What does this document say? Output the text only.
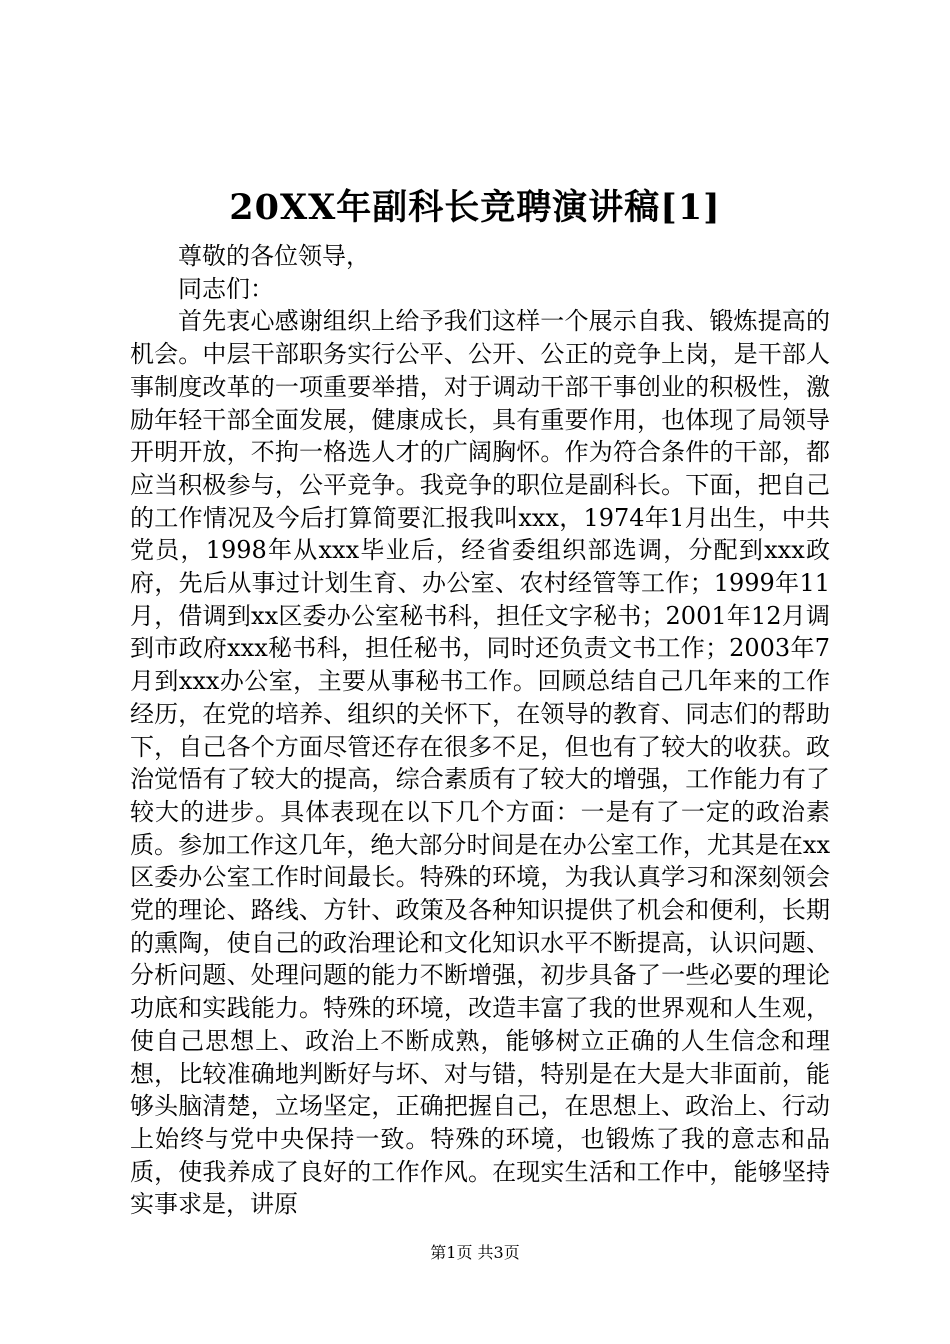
20XX年副科长竞聘演讲稿[1]

尊敬的各位领导，

同志们：

首先衷心感谢组织上给予我们这样一个展示自我、锻炼提高的机会。中层干部职务实行公平、公开、公正的竞争上岗，是干部人事制度改革的一项重要举措，对于调动干部干事创业的积极性，激励年轻干部全面发展，健康成长，具有重要作用，也体现了局领导开明开放，不拘一格选人才的广阔胸怀。作为符合条件的干部，都应当积极参与，公平竞争。我竞争的职位是副科长。下面，把自己的工作情况及今后打算简要汇报我叫xxx，1974年1月出生，中共党员，1998年从xxx毕业后，经省委组织部选调，分配到xxx政府，先后从事过计划生育、办公室、农村经管等工作；1999年11月，借调到xx区委办公室秘书科，担任文字秘书；2001年12月调到市政府xxx秘书科，担任秘书，同时还负责文书工作；2003年7月到xxx办公室，主要从事秘书工作。回顾总结自己几年来的工作经历，在党的培养、组织的关怀下，在领导的教育、同志们的帮助下，自己各个方面尽管还存在很多不足，但也有了较大的收获。政治觉悟有了较大的提高，综合素质有了较大的增强，工作能力有了较大的进步。具体表现在以下几个方面：一是有了一定的政治素质。参加工作这几年，绝大部分时间是在办公室工作，尤其是在xx区委办公室工作时间最长。特殊的环境，为我认真学习和深刻领会党的理论、路线、方针、政策及各种知识提供了机会和便利，长期的熏陶，使自己的政治理论和文化知识水平不断提高，认识问题、分析问题、处理问题的能力不断增强，初步具备了一些必要的理论功底和实践能力。特殊的环境，改造丰富了我的世界观和人生观，使自己思想上、政治上不断成熟，能够树立正确的人生信念和理想，比较准确地判断好与坏、对与错，特别是在大是大非面前，能够头脑清楚，立场坚定，正确把握自己，在思想上、政治上、行动上始终与党中央保持一致。特殊的环境，也锻炼了我的意志和品质，使我养成了良好的工作作风。在现实生活和工作中，能够坚持实事求是，讲原

第1页 共3页
